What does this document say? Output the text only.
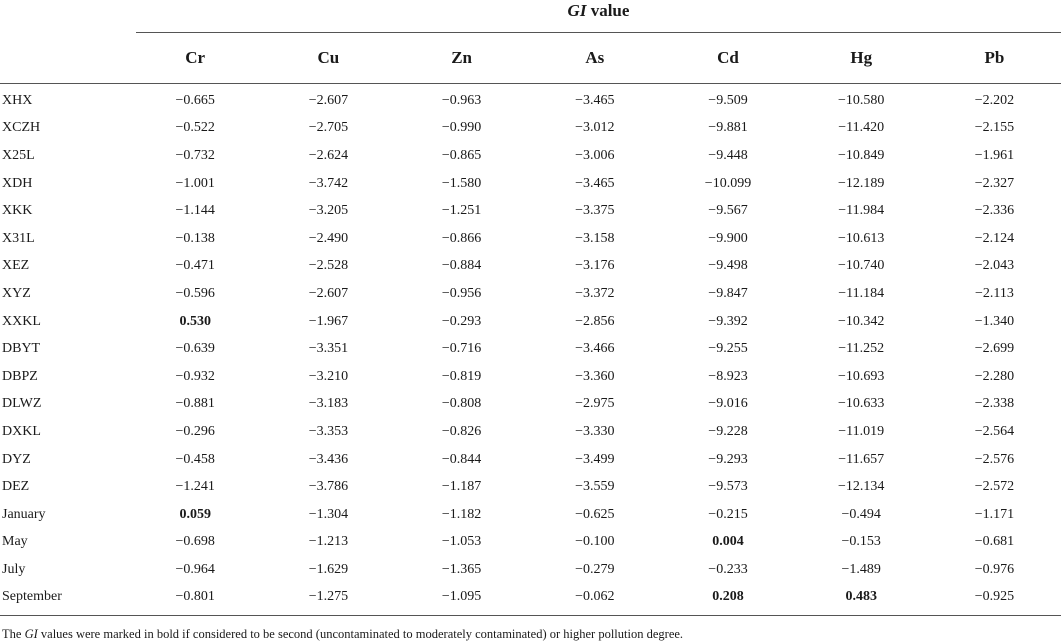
GI value
Cr	Cu	Zn	As	Cd	Hg	Pb
XHX	−0.665	−2.607	−0.963	−3.465	−9.509	−10.580	−2.202
XCZH	−0.522	−2.705	−0.990	−3.012	−9.881	−11.420	−2.155
X25L	−0.732	−2.624	−0.865	−3.006	−9.448	−10.849	−1.961
XDH	−1.001	−3.742	−1.580	−3.465	−10.099	−12.189	−2.327
XKK	−1.144	−3.205	−1.251	−3.375	−9.567	−11.984	−2.336
X31L	−0.138	−2.490	−0.866	−3.158	−9.900	−10.613	−2.124
XEZ	−0.471	−2.528	−0.884	−3.176	−9.498	−10.740	−2.043
XYZ	−0.596	−2.607	−0.956	−3.372	−9.847	−11.184	−2.113
XXKL	0.530	−1.967	−0.293	−2.856	−9.392	−10.342	−1.340
DBYT	−0.639	−3.351	−0.716	−3.466	−9.255	−11.252	−2.699
DBPZ	−0.932	−3.210	−0.819	−3.360	−8.923	−10.693	−2.280
DLWZ	−0.881	−3.183	−0.808	−2.975	−9.016	−10.633	−2.338
DXKL	−0.296	−3.353	−0.826	−3.330	−9.228	−11.019	−2.564
DYZ	−0.458	−3.436	−0.844	−3.499	−9.293	−11.657	−2.576
DEZ	−1.241	−3.786	−1.187	−3.559	−9.573	−12.134	−2.572
January	0.059	−1.304	−1.182	−0.625	−0.215	−0.494	−1.171
May	−0.698	−1.213	−1.053	−0.100	0.004	−0.153	−0.681
July	−0.964	−1.629	−1.365	−0.279	−0.233	−1.489	−0.976
September	−0.801	−1.275	−1.095	−0.062	0.208	0.483	−0.925
The GI values were marked in bold if considered to be second (uncontaminated to moderately contaminated) or higher pollution degree.
